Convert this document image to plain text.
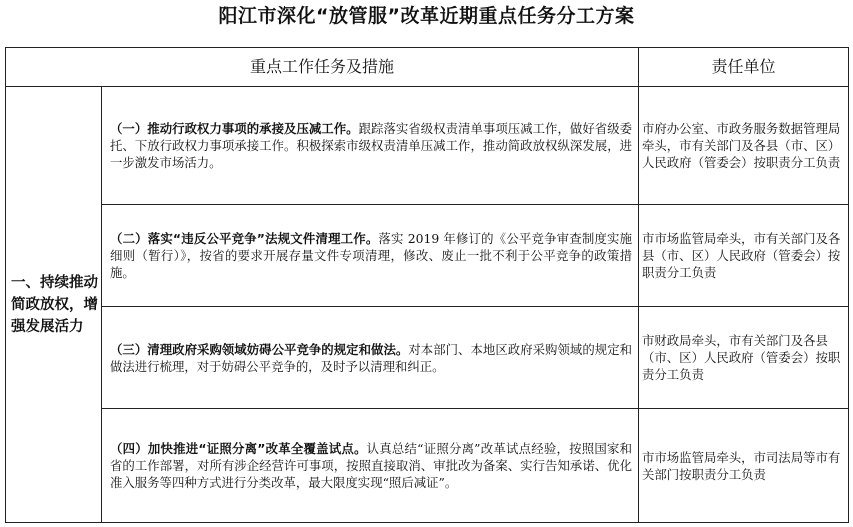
阳江市深化“放管服”改革近期重点任务分工方案
重点工作任务及措施		责任单位
一、持续推动简政放权，增强发展活力	（一）推动行政权力事项的承接及压减工作。跟踪落实省级权责清单事项压减工作，做好省级委托、下放行政权力事项承接工作。积极探索市级权责清单压减工作，推动简政放权纵深发展，进一步激发市场活力。	市府办公室、市政务服务数据管理局牵头，市有关部门及各县（市、区）人民政府（管委会）按职责分工负责
	（二）落实“违反公平竞争”法规文件清理工作。落实 2019 年修订的《公平竞争审查制度实施细则（暂行）》，按省的要求开展存量文件专项清理，修改、废止一批不利于公平竞争的政策措施。	市市场监管局牵头，市有关部门及各县（市、区）人民政府（管委会）按职责分工负责
	（三）清理政府采购领域妨碍公平竞争的规定和做法。对本部门、本地区政府采购领域的规定和做法进行梳理，对于妨碍公平竞争的，及时予以清理和纠正。	市财政局牵头，市有关部门及各县（市、区）人民政府（管委会）按职责分工负责
	（四）加快推进“证照分离”改革全覆盖试点。认真总结“证照分离”改革试点经验，按照国家和省的工作部署，对所有涉企经营许可事项，按照直接取消、审批改为备案、实行告知承诺、优化准入服务等四种方式进行分类改革，最大限度实现“照后减证”。	市市场监管局牵头，市司法局等市有关部门按职责分工负责
